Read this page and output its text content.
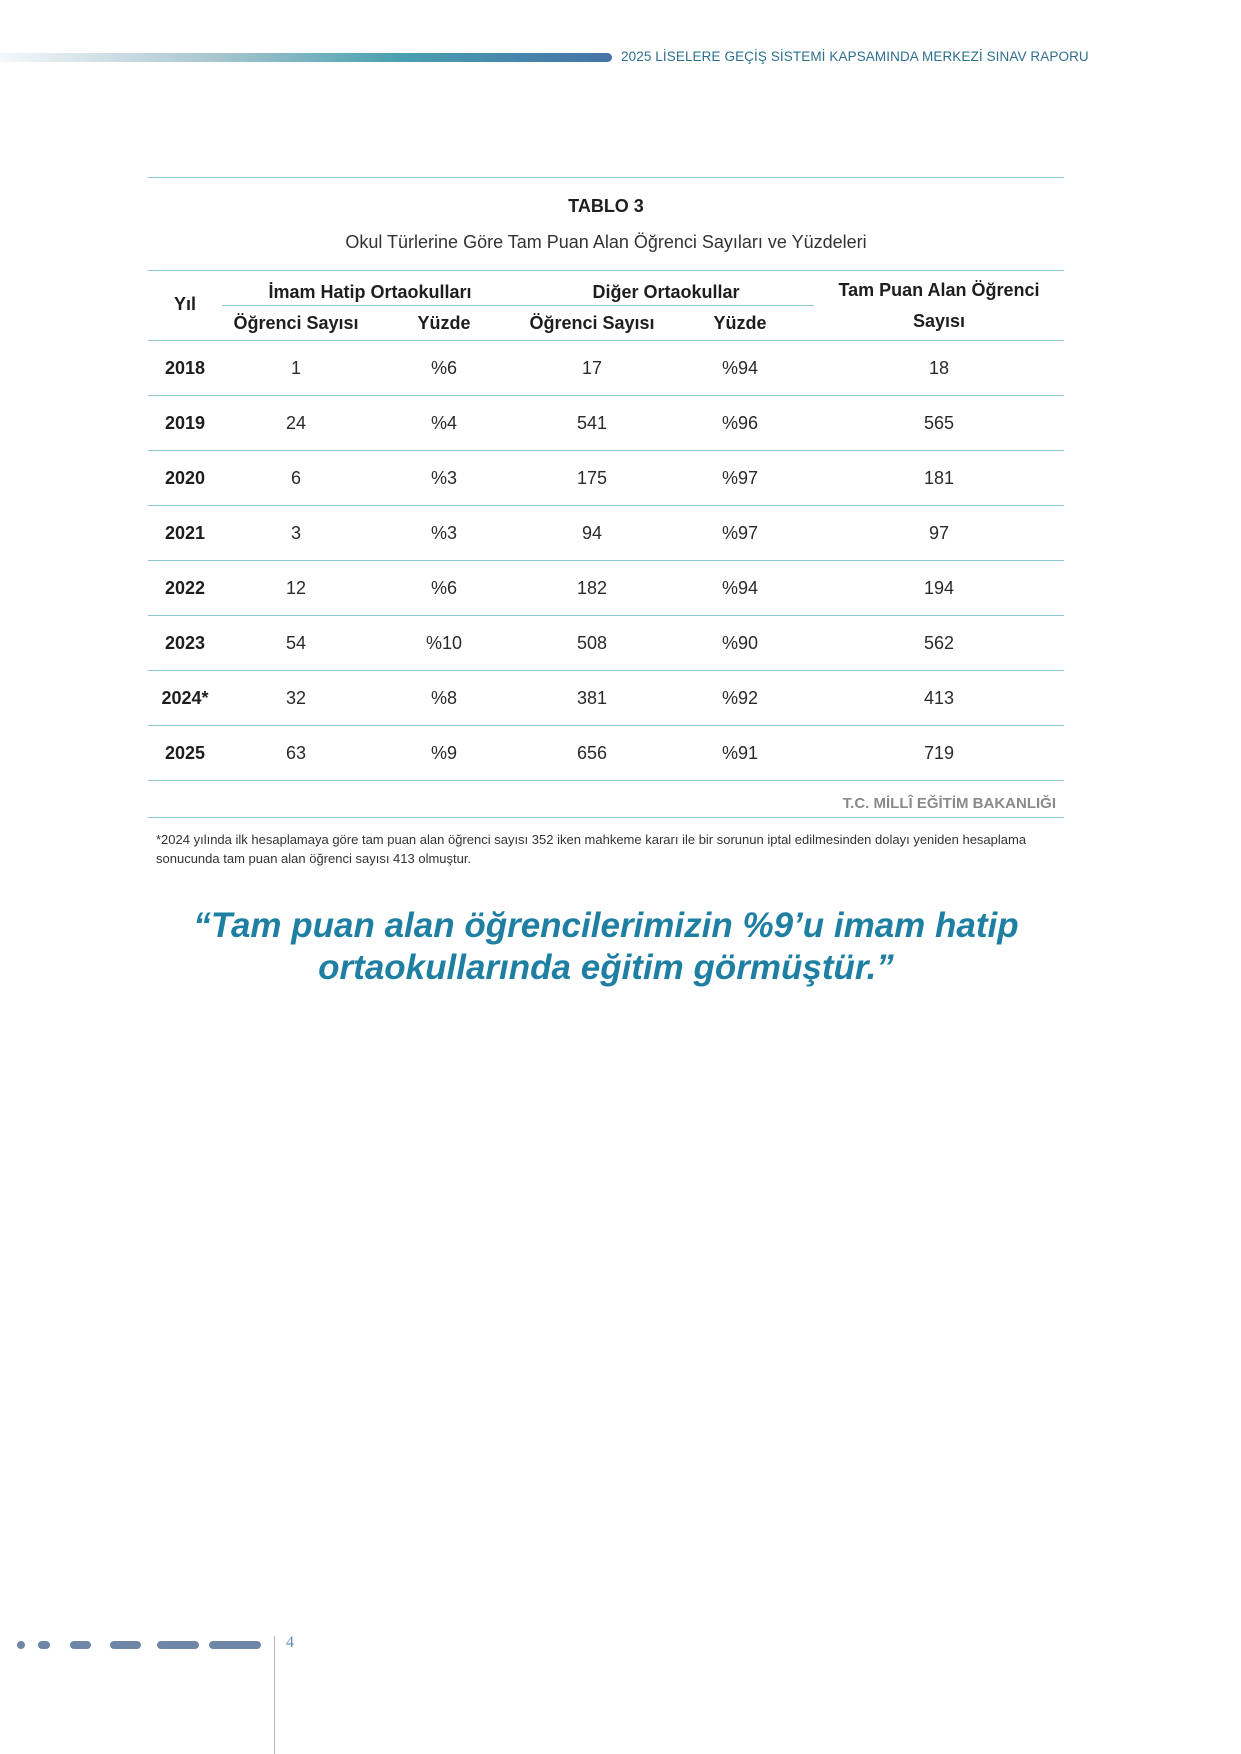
2025 LİSELERE GEÇİŞ SİSTEMİ KAPSAMINDA MERKEZİ SINAV RAPORU
TABLO 3
Okul Türlerine Göre Tam Puan Alan Öğrenci Sayıları ve Yüzdeleri
Yıl	İmam Hatip Ortaokulları		Diğer Ortaokullar		Tam Puan Alan Öğrenci
Sayısı

	Öğrenci Sayısı	Yüzde	Öğrenci Sayısı	Yüzde	
2018	1	%6	17	%94	18
2019	24	%4	541	%96	565
2020	6	%3	175	%97	181
2021	3	%3	94	%97	97
2022	12	%6	182	%94	194
2023	54	%10	508	%90	562
2024*	32	%8	381	%92	413
2025	63	%9	656	%91	719
T.C. MİLLÎ EĞİTİM BAKANLIĞI
*2024 yılında ilk hesaplamaya göre tam puan alan öğrenci sayısı 352 iken mahkeme kararı ile bir sorunun iptal edilmesinden dolayı yeniden hesaplama sonucunda tam puan alan öğrenci sayısı 413 olmuştur.
“Tam puan alan öğrencilerimizin %9’u imam hatip
ortaokullarında eğitim görmüştür.”
4
